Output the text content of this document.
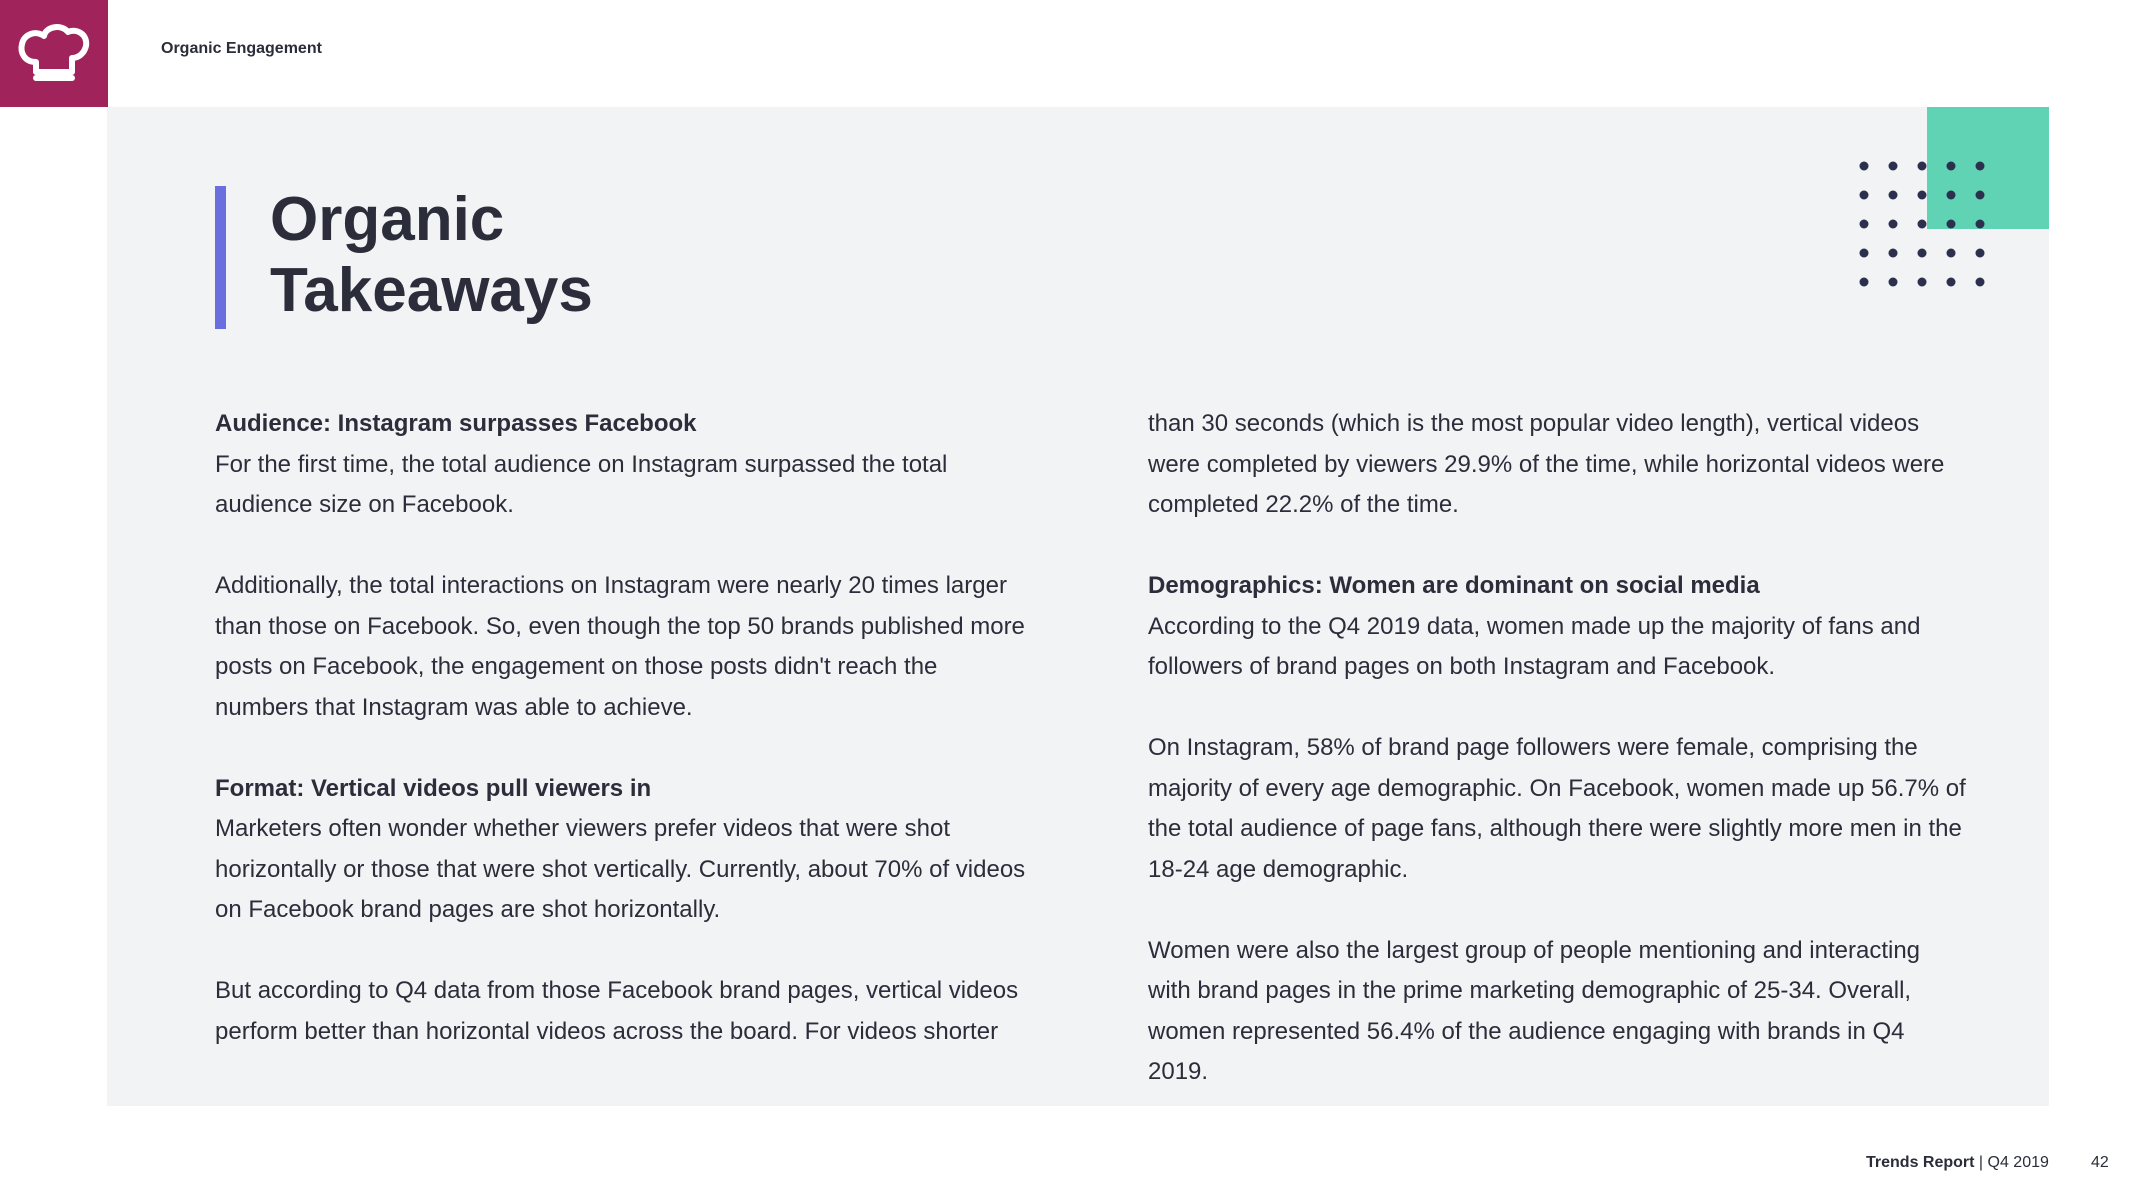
Organic Engagement
Organic
Takeaways

Audience: Instagram surpasses Facebook
For the first time, the total audience on Instagram surpassed the total audience size on Facebook.

Additionally, the total interactions on Instagram were nearly 20 times larger than those on Facebook. So, even though the top 50 brands published more posts on Facebook, the engagement on those posts didn't reach the numbers that Instagram was able to achieve.

Format: Vertical videos pull viewers in
Marketers often wonder whether viewers prefer videos that were shot horizontally or those that were shot vertically. Currently, about 70% of videos on Facebook brand pages are shot horizontally.

But according to Q4 data from those Facebook brand pages, vertical videos perform better than horizontal videos across the board. For videos shorter

than 30 seconds (which is the most popular video length), vertical videos were completed by viewers 29.9% of the time, while horizontal videos were completed 22.2% of the time.

Demographics: Women are dominant on social media
According to the Q4 2019 data, women made up the majority of fans and followers of brand pages on both Instagram and Facebook.

On Instagram, 58% of brand page followers were female, comprising the majority of every age demographic. On Facebook, women made up 56.7% of the total audience of page fans, although there were slightly more men in the 18-24 age demographic.

Women were also the largest group of people mentioning and interacting with brand pages in the prime marketing demographic of 25-34. Overall, women represented 56.4% of the audience engaging with brands in Q4 2019.

Trends Report | Q4 2019	42
